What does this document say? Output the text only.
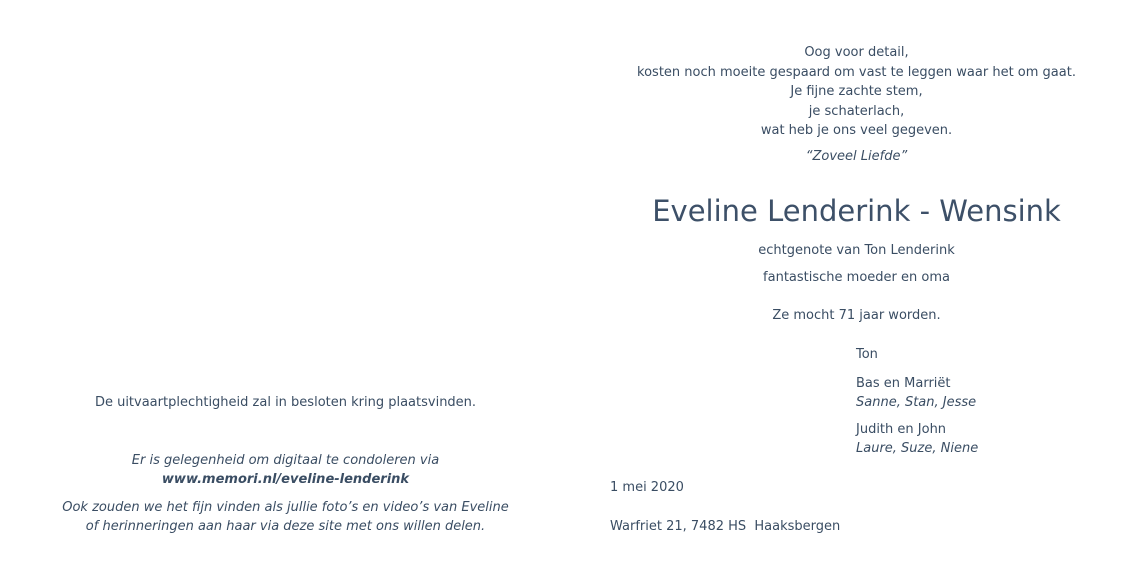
De uitvaartplechtigheid zal in besloten kring plaatsvinden.
Er is gelegenheid om digitaal te condoleren via
www.memori.nl/eveline-lenderink
Ook zouden we het fijn vinden als jullie foto’s en video’s van Eveline
of herinneringen aan haar via deze site met ons willen delen.
Oog voor detail,
kosten noch moeite gespaard om vast te leggen waar het om gaat.
Je fijne zachte stem,
je schaterlach,
wat heb je ons veel gegeven.
“Zoveel Liefde”
Eveline Lenderink - Wensink
echtgenote van Ton Lenderink
fantastische moeder en oma
Ze mocht 71 jaar worden.
Ton
Bas en Marriët
Sanne, Stan, Jesse
Judith en John
Laure, Suze, Niene
1 mei 2020
Warfriet 21, 7482 HS  Haaksbergen
